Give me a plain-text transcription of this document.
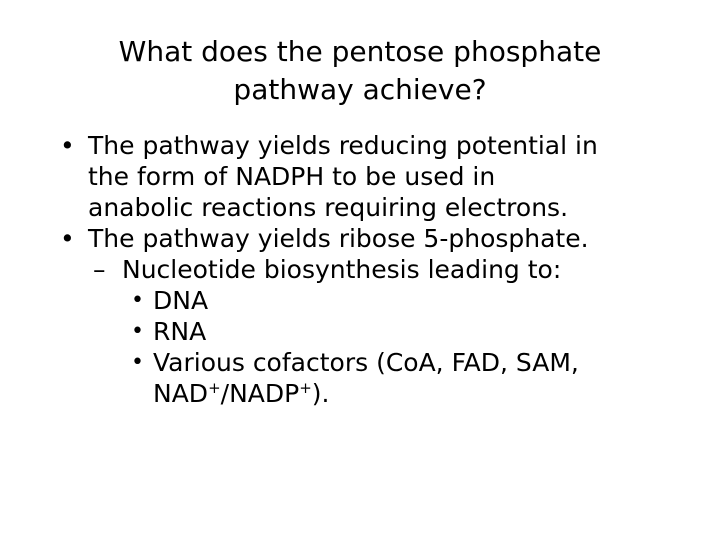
What does the pentose phosphate
pathway achieve?
• The pathway yields reducing potential in
the form of NADPH to be used in
anabolic reactions requiring electrons.
• The pathway yields ribose 5-phosphate.
– Nucleotide biosynthesis leading to:
• DNA
• RNA
• Various cofactors (CoA, FAD, SAM,
NAD+/NADP+).
